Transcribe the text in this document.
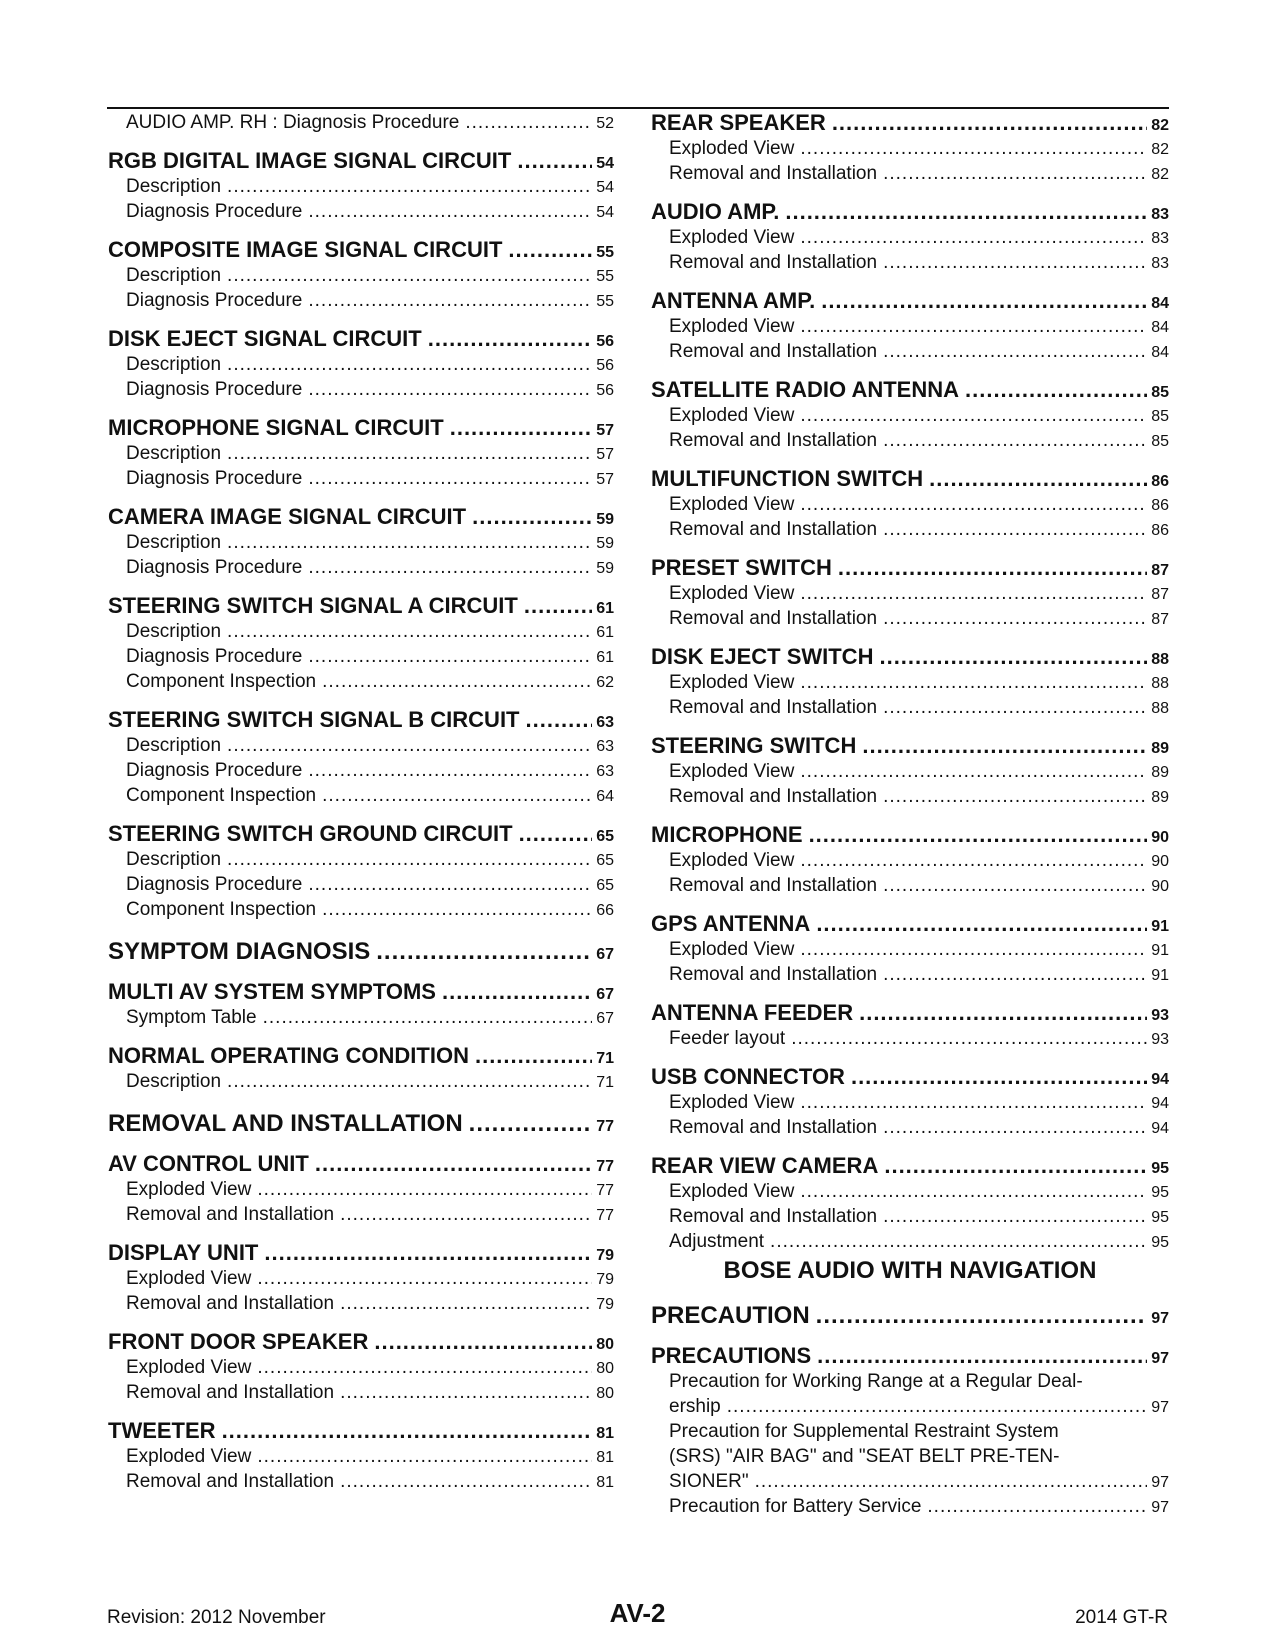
AUDIO AMP. RH : Diagnosis Procedure .....	52
RGB DIGITAL IMAGE SIGNAL CIRCUIT .....	54
Description .....	54
Diagnosis Procedure .....	54
COMPOSITE IMAGE SIGNAL CIRCUIT .....	55
Description .....	55
Diagnosis Procedure .....	55
DISK EJECT SIGNAL CIRCUIT .....	56
Description .....	56
Diagnosis Procedure .....	56
MICROPHONE SIGNAL CIRCUIT .....	57
Description .....	57
Diagnosis Procedure .....	57
CAMERA IMAGE SIGNAL CIRCUIT .....	59
Description .....	59
Diagnosis Procedure .....	59
STEERING SWITCH SIGNAL A CIRCUIT .....	61
Description .....	61
Diagnosis Procedure .....	61
Component Inspection .....	62
STEERING SWITCH SIGNAL B CIRCUIT .....	63
Description .....	63
Diagnosis Procedure .....	63
Component Inspection .....	64
STEERING SWITCH GROUND CIRCUIT .....	65
Description .....	65
Diagnosis Procedure .....	65
Component Inspection .....	66
SYMPTOM DIAGNOSIS .....	67
MULTI AV SYSTEM SYMPTOMS .....	67
Symptom Table .....	67
NORMAL OPERATING CONDITION .....	71
Description .....	71
REMOVAL AND INSTALLATION .....	77
AV CONTROL UNIT .....	77
Exploded View .....	77
Removal and Installation .....	77
DISPLAY UNIT .....	79
Exploded View .....	79
Removal and Installation .....	79
FRONT DOOR SPEAKER .....	80
Exploded View .....	80
Removal and Installation .....	80
TWEETER .....	81
Exploded View .....	81
Removal and Installation .....	81
REAR SPEAKER .....	82
Exploded View .....	82
Removal and Installation .....	82
AUDIO AMP. .....	83
Exploded View .....	83
Removal and Installation .....	83
ANTENNA AMP. .....	84
Exploded View .....	84
Removal and Installation .....	84
SATELLITE RADIO ANTENNA .....	85
Exploded View .....	85
Removal and Installation .....	85
MULTIFUNCTION SWITCH .....	86
Exploded View .....	86
Removal and Installation .....	86
PRESET SWITCH .....	87
Exploded View .....	87
Removal and Installation .....	87
DISK EJECT SWITCH .....	88
Exploded View .....	88
Removal and Installation .....	88
STEERING SWITCH .....	89
Exploded View .....	89
Removal and Installation .....	89
MICROPHONE .....	90
Exploded View .....	90
Removal and Installation .....	90
GPS ANTENNA .....	91
Exploded View .....	91
Removal and Installation .....	91
ANTENNA FEEDER .....	93
Feeder layout .....	93
USB CONNECTOR .....	94
Exploded View .....	94
Removal and Installation .....	94
REAR VIEW CAMERA .....	95
Exploded View .....	95
Removal and Installation .....	95
Adjustment .....	95
BOSE AUDIO WITH NAVIGATION
PRECAUTION .....	97
PRECAUTIONS .....	97
Precaution for Working Range at a Regular Deal-
ership .....	97
Precaution for Supplemental Restraint System
(SRS) "AIR BAG" and "SEAT BELT PRE-TEN-
SIONER" .....	97
Precaution for Battery Service .....	97
Revision: 2012 November	AV-2	2014 GT-R
